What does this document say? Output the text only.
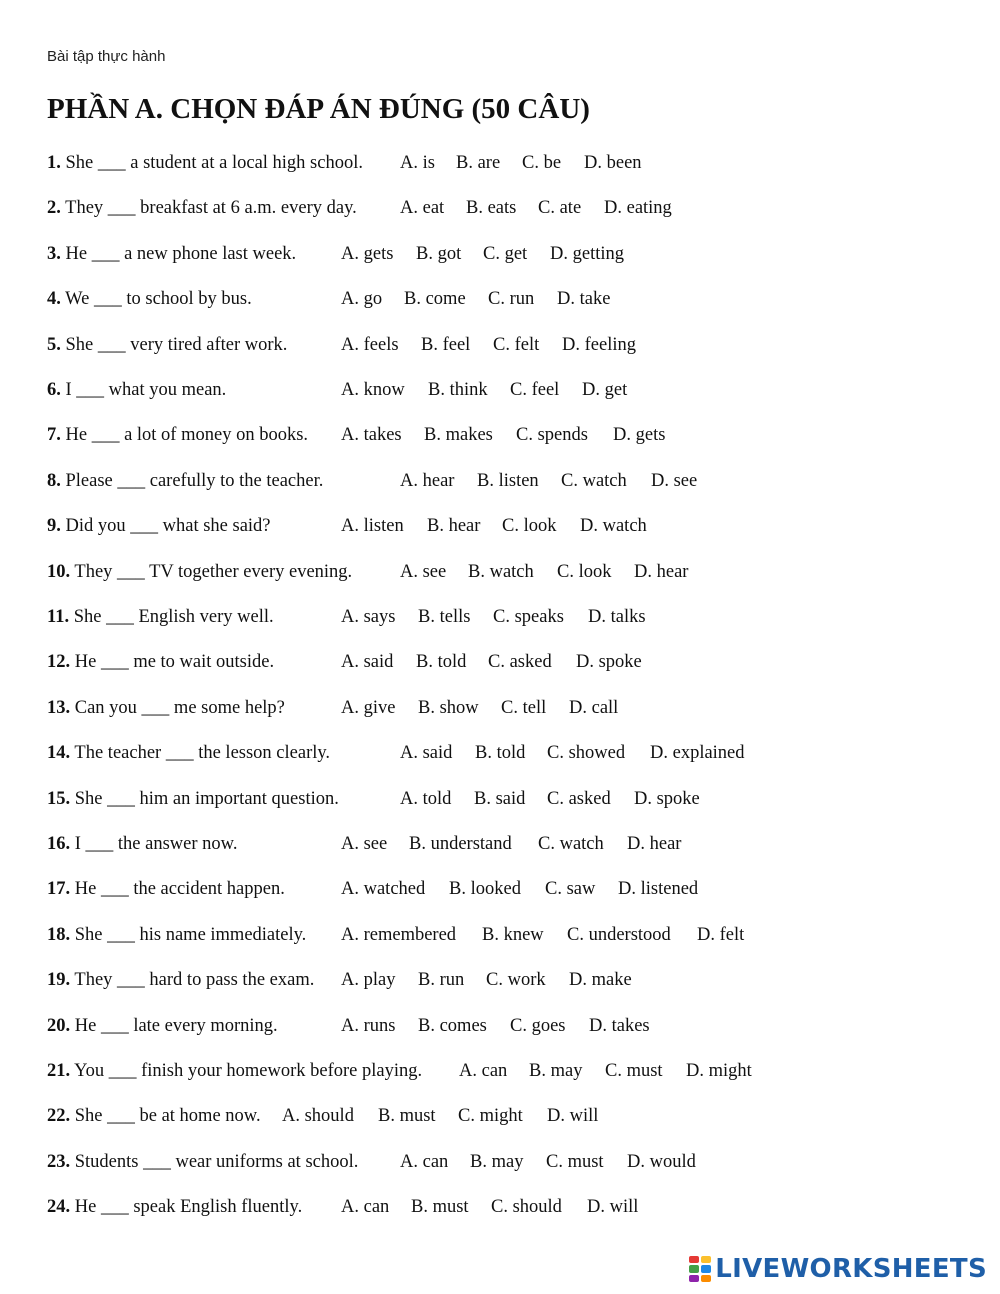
Bài tập thực hành
PHẦN A. CHỌN ĐÁP ÁN ĐÚNG (50 CÂU)
1. She ___ a student at a local high school. A. is B. are C. be D. been
2. They ___ breakfast at 6 a.m. every day. A. eat B. eats C. ate D. eating
3. He ___ a new phone last week. A. gets B. got C. get D. getting
4. We ___ to school by bus.	A. go B. come C. run D. take
5. She ___ very tired after work.	A. feels B. feel C. felt D. feeling
6. I ___ what you mean.	A. know B. think C. feel D. get
7. He ___ a lot of money on books. A. takes B. makes C. spends D. gets
8. Please ___ carefully to the teacher.	A. hear B. listen C. watch D. see
9. Did you ___ what she said?	A. listen B. hear C. look D. watch
10. They ___ TV together every evening.	A. see B. watch C. look D. hear
11. She ___ English very well.	A. says B. tells C. speaks D. talks
12. He ___ me to wait outside.	A. said B. told C. asked D. spoke
13. Can you ___ me some help?	A. give B. show C. tell D. call
14. The teacher ___ the lesson clearly.	A. said B. told C. showed D. explained
15. She ___ him an important question.	A. told B. said C. asked D. spoke
16. I ___ the answer now.	A. see B. understand C. watch D. hear
17. He ___ the accident happen.	A. watched B. looked C. saw D. listened
18. She ___ his name immediately. A. remembered B. knew C. understood D. felt
19. They ___ hard to pass the exam. A. play B. run C. work D. make
20. He ___ late every morning.	A. runs B. comes C. goes D. takes
21. You ___ finish your homework before playing. A. can B. may C. must D. might
22. She ___ be at home now. A. should B. must C. might D. will
23. Students ___ wear uniforms at school. A. can B. may C. must D. would
24. He ___ speak English fluently. A. can B. must C. should D. will
LIVEWORKSHEETS
